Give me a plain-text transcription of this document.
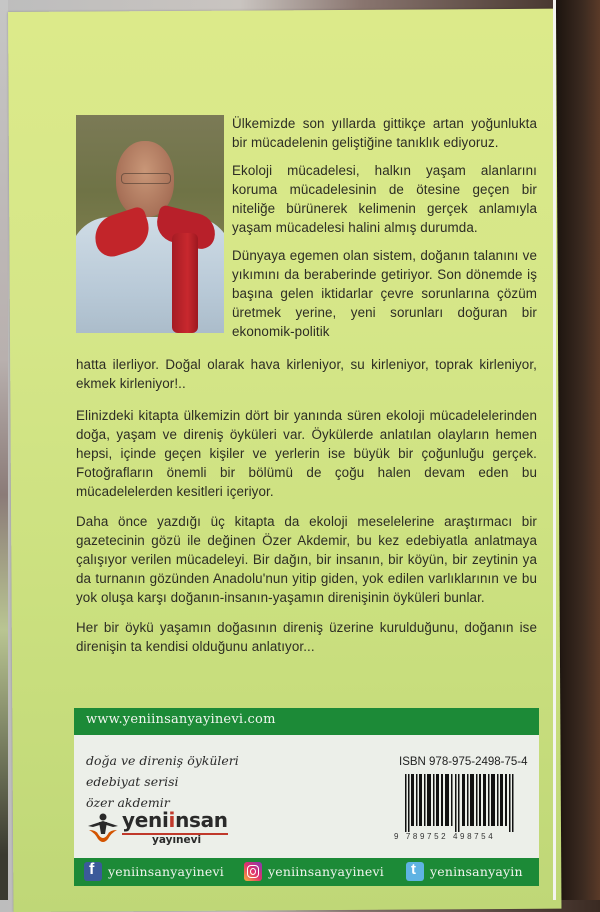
Ülkemizde son yıllarda gittikçe artan yoğunlukta bir mücadelenin geliştiğine tanıklık ediyoruz.

Ekoloji mücadelesi, halkın yaşam alanlarını koruma mücadelesinin de ötesine geçen bir niteliğe bürünerek kelimenin gerçek anlamıyla yaşam mücadelesi halini almış durumda.

Dünyaya egemen olan sistem, doğanın talanını ve yıkımını da beraberinde getiriyor. Son dönemde iş başına gelen iktidarlar çevre sorunlarına çözüm üretmek yerine, yeni sorunları doğuran bir ekonomik-politik

hatta ilerliyor. Doğal olarak hava kirleniyor, su kirleniyor, toprak kirleniyor, ekmek kirleniyor!..

Elinizdeki kitapta ülkemizin dört bir yanında süren ekoloji mücadelelerinden doğa, yaşam ve direniş öyküleri var. Öykülerde anlatılan olayların hemen hepsi, içinde geçen kişiler ve yerlerin ise büyük bir çoğunluğu gerçek. Fotoğrafların önemli bir bölümü de çoğu halen devam eden bu mücadelelerden kesitleri içeriyor.

Daha önce yazdığı üç kitapta da ekoloji meselelerine araştırmacı bir gazetecinin gözü ile değinen Özer Akdemir, bu kez edebiyatla anlatmaya çalışıyor verilen mücadeleyi. Bir dağın, bir insanın, bir köyün, bir zeytinin ya da turnanın gözünden Anadolu'nun yitip giden, yok edilen varlıklarının ve bu yok oluşa karşı doğanın-insanın-yaşamın direnişinin öyküleri bunlar.

Her bir öykü yaşamın doğasının direniş üzerine kurulduğunu, doğanın ise direnişin ta kendisi olduğunu anlatıyor...

www.yeniinsanyayinevi.com
doğa ve direniş öyküleri
edebiyat serisi
özer akdemir
yeniinsan
yayınevi
ISBN 978-975-2498-75-4
9 789752 498754
f
yeniinsanyayinevi	yeniinsanyayinevi t	yeninsanyayin
